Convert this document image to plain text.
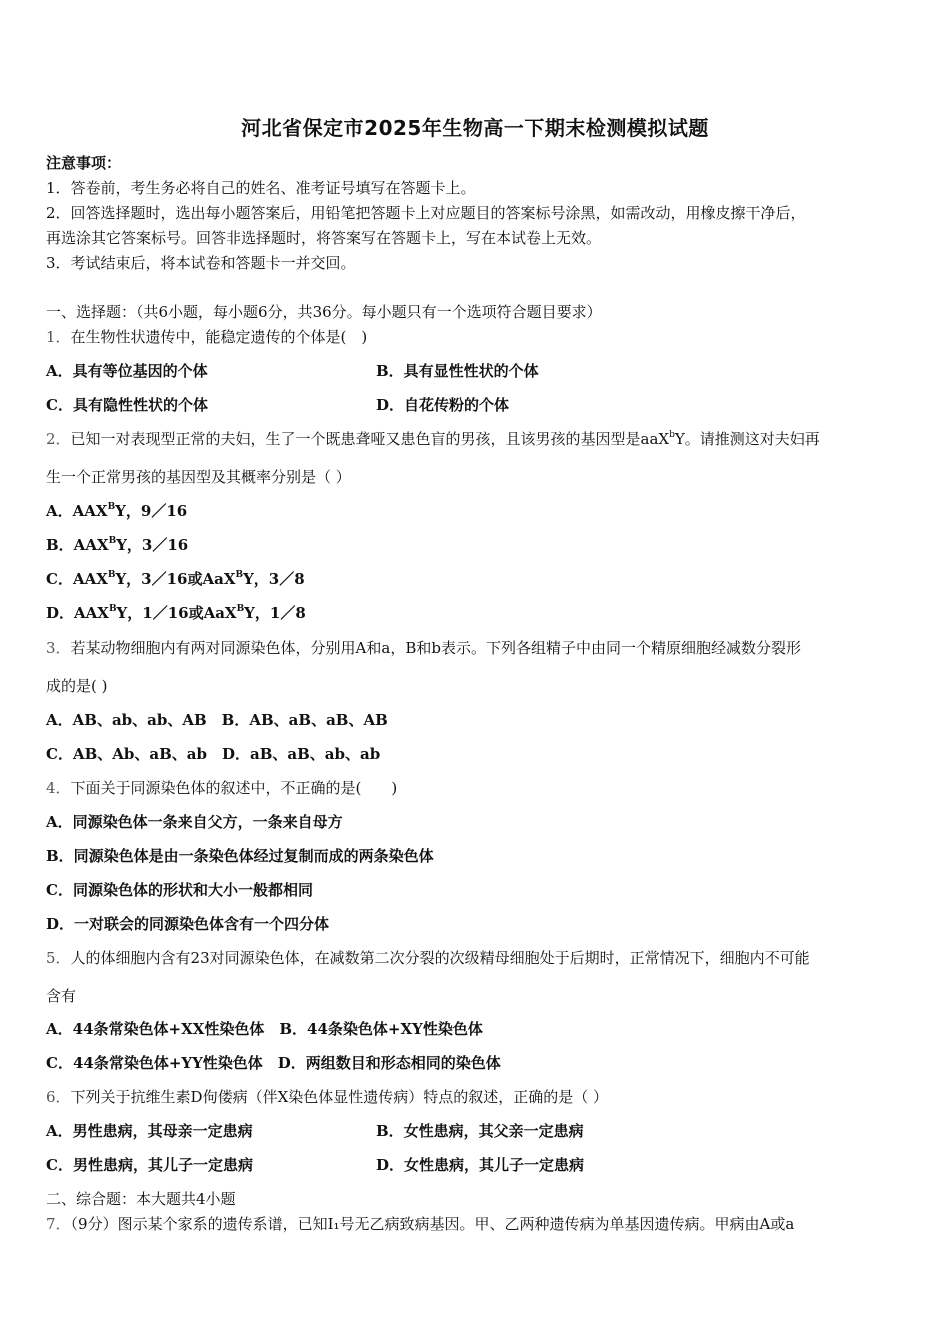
河北省保定市2025年生物高一下期末检测模拟试题
注意事项：
1．答卷前，考生务必将自己的姓名、准考证号填写在答题卡上。
2．回答选择题时，选出每小题答案后，用铅笔把答题卡上对应题目的答案标号涂黑，如需改动，用橡皮擦干净后，
再选涂其它答案标号。回答非选择题时，将答案写在答题卡上，写在本试卷上无效。
3．考试结束后，将本试卷和答题卡一并交回。
一、选择题：（共6小题，每小题6分，共36分。每小题只有一个选项符合题目要求）
1．在生物性状遗传中，能稳定遗传的个体是(　)
A．具有等位基因的个体	B．具有显性性状的个体
C．具有隐性性状的个体	D．自花传粉的个体
2．已知一对表现型正常的夫妇，生了一个既患聋哑又患色盲的男孩，且该男孩的基因型是aaX$^b$Y。请推测这对夫妇再
生一个正常男孩的基因型及其概率分别是（ ）
A．$AAX^BY$，9／16
B．$AAX^BY$，3／16
C．$AAX^BY$，3／16或AaX$^B$Y，3／8
D．$AAX^BY$，1／16或AaX$^B$Y，1／8
3．若某动物细胞内有两对同源染色体，分别用A和a，B和b表示。下列各组精子中由同一个精原细胞经减数分裂形
成的是( )
A．AB、ab、ab、AB　B．AB、aB、aB、AB
C．AB、Ab、aB、ab　D．aB、aB、ab、ab
4．下面关于同源染色体的叙述中，不正确的是(　　)
A．同源染色体一条来自父方，一条来自母方
B．同源染色体是由一条染色体经过复制而成的两条染色体
C．同源染色体的形状和大小一般都相同
D．一对联会的同源染色体含有一个四分体
5．人的体细胞内含有23对同源染色体，在减数第二次分裂的次级精母细胞处于后期时，正常情况下，细胞内不可能
含有
A．44条常染色体+XX性染色体　B．44条染色体+XY性染色体
C．44条常染色体+YY性染色体　D．两组数目和形态相同的染色体
6．下列关于抗维生素D佝偻病（伴X染色体显性遗传病）特点的叙述，正确的是（ ）
A．男性患病，其母亲一定患病	B．女性患病，其父亲一定患病
C．男性患病，其儿子一定患病	D．女性患病，其儿子一定患病
二、综合题：本大题共4小题
7．（9分）图示某个家系的遗传系谱，已知Ⅰ₁号无乙病致病基因。甲、乙两种遗传病为单基因遗传病。甲病由A或a
